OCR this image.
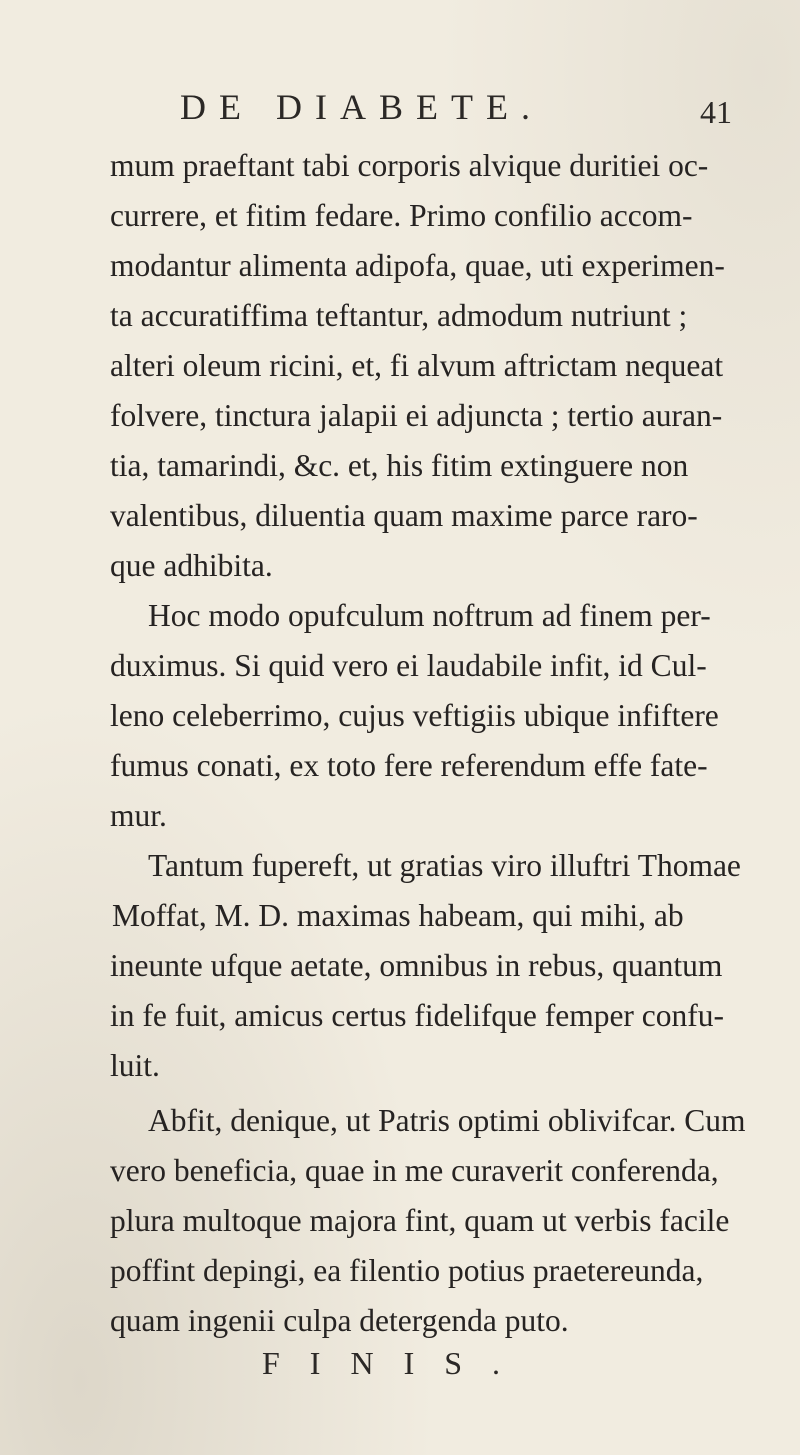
DE DIABETE.	41
mum praeftant tabi corporis alvique duritiei oc-
currere, et fitim fedare. Primo confilio accom-
modantur alimenta adipofa, quae, uti experimen-
ta accuratiffima teftantur, admodum nutriunt ;
alteri oleum ricini, et, fi alvum aftrictam nequeat
folvere, tinctura jalapii ei adjuncta ; tertio auran-
tia, tamarindi, &c. et, his fitim extinguere non
valentibus, diluentia quam maxime parce raro-
que adhibita.
Hoc modo opufculum noftrum ad finem per-
duximus. Si quid vero ei laudabile infit, id Cul-
leno celeberrimo, cujus veftigiis ubique infiftere
fumus conati, ex toto fere referendum effe fate-
mur.
Tantum fupereft, ut gratias viro illuftri Thomae
Moffat, M. D. maximas habeam, qui mihi, ab
ineunte ufque aetate, omnibus in rebus, quantum
in fe fuit, amicus certus fidelifque femper confu-
luit.
Abfit, denique, ut Patris optimi oblivifcar. Cum
vero beneficia, quae in me curaverit conferenda,
plura multoque majora fint, quam ut verbis facile
poffint depingi, ea filentio potius praetereunda,
quam ingenii culpa detergenda puto.
FINIS.
